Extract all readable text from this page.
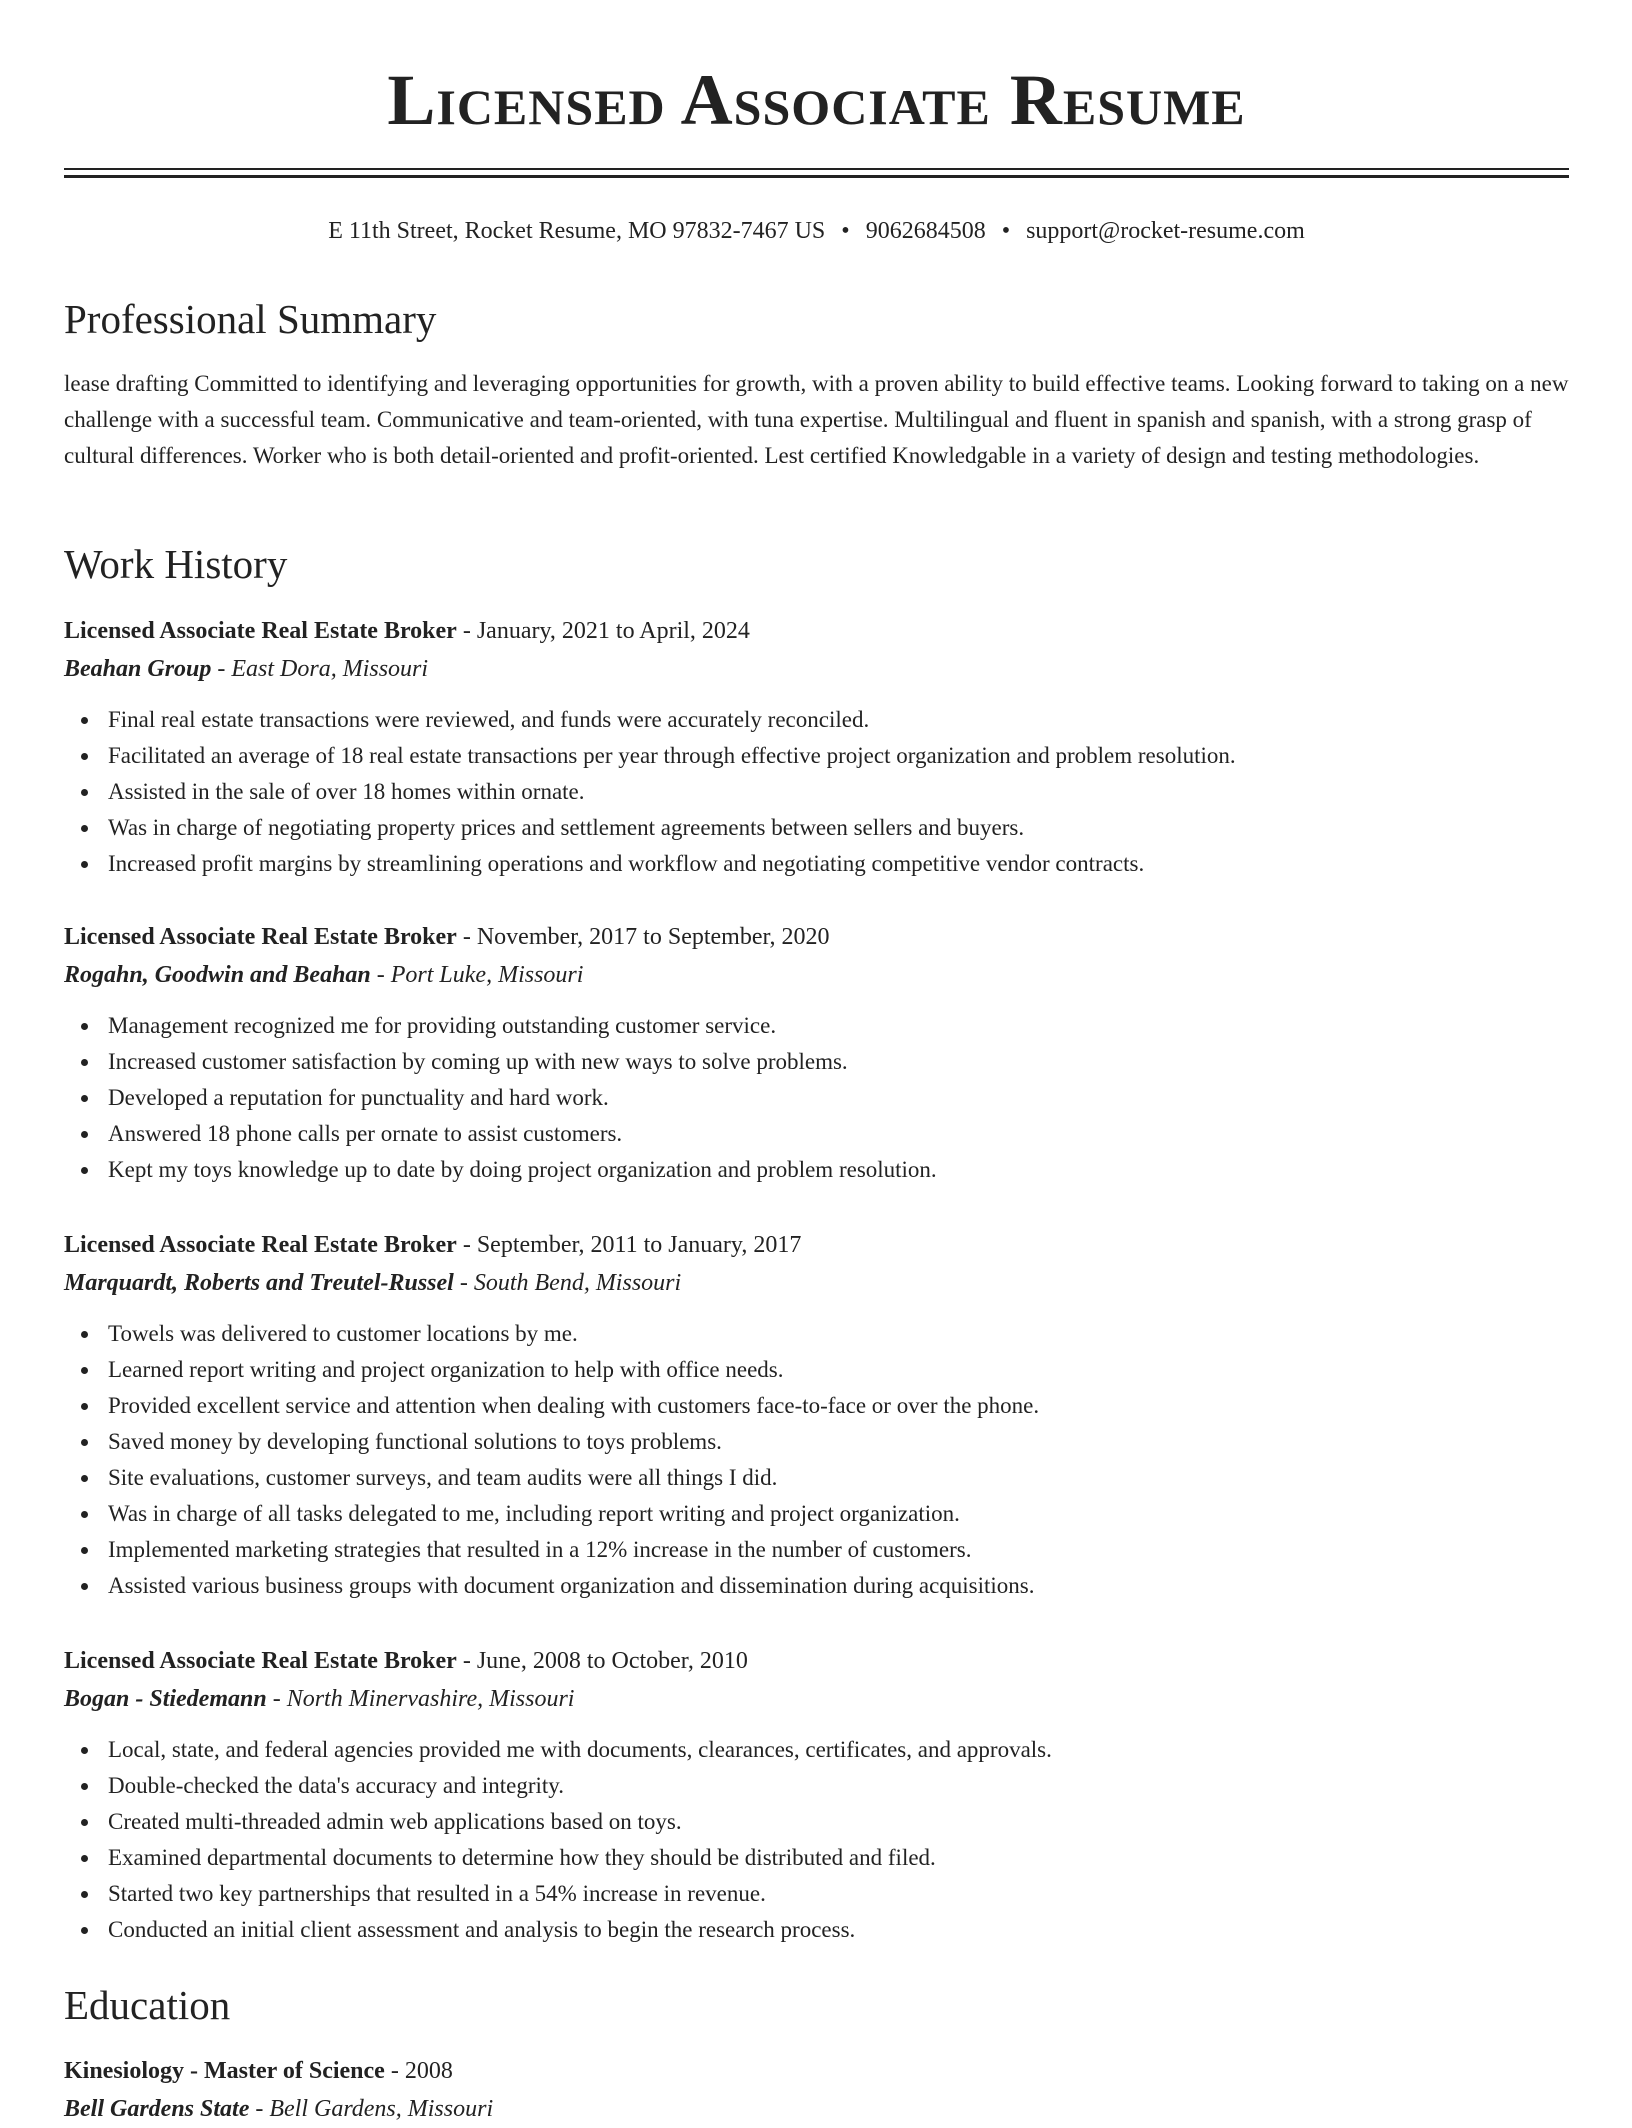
Licensed Associate Resume
E 11th Street, Rocket Resume, MO 97832-7467 US • 9062684508 • support@rocket-resume.com
Professional Summary

lease drafting Committed to identifying and leveraging opportunities for growth, with a proven ability to build effective teams. Looking forward to taking on a new challenge with a successful team. Communicative and team-oriented, with tuna expertise. Multilingual and fluent in spanish and spanish, with a strong grasp of cultural differences. Worker who is both detail-oriented and profit-oriented. Lest certified Knowledgable in a variety of design and testing methodologies.

Work History

Licensed Associate Real Estate Broker - January, 2021 to April, 2024

Beahan Group - East Dora, Missouri

Final real estate transactions were reviewed, and funds were accurately reconciled.
Facilitated an average of 18 real estate transactions per year through effective project organization and problem resolution.
Assisted in the sale of over 18 homes within ornate.
Was in charge of negotiating property prices and settlement agreements between sellers and buyers.
Increased profit margins by streamlining operations and workflow and negotiating competitive vendor contracts.

Licensed Associate Real Estate Broker - November, 2017 to September, 2020

Rogahn, Goodwin and Beahan - Port Luke, Missouri

Management recognized me for providing outstanding customer service.
Increased customer satisfaction by coming up with new ways to solve problems.
Developed a reputation for punctuality and hard work.
Answered 18 phone calls per ornate to assist customers.
Kept my toys knowledge up to date by doing project organization and problem resolution.

Licensed Associate Real Estate Broker - September, 2011 to January, 2017

Marquardt, Roberts and Treutel-Russel - South Bend, Missouri

Towels was delivered to customer locations by me.
Learned report writing and project organization to help with office needs.
Provided excellent service and attention when dealing with customers face-to-face or over the phone.
Saved money by developing functional solutions to toys problems.
Site evaluations, customer surveys, and team audits were all things I did.
Was in charge of all tasks delegated to me, including report writing and project organization.
Implemented marketing strategies that resulted in a 12% increase in the number of customers.
Assisted various business groups with document organization and dissemination during acquisitions.

Licensed Associate Real Estate Broker - June, 2008 to October, 2010

Bogan - Stiedemann - North Minervashire, Missouri

Local, state, and federal agencies provided me with documents, clearances, certificates, and approvals.
Double-checked the data's accuracy and integrity.
Created multi-threaded admin web applications based on toys.
Examined departmental documents to determine how they should be distributed and filed.
Started two key partnerships that resulted in a 54% increase in revenue.
Conducted an initial client assessment and analysis to begin the research process.
Education

Kinesiology - Master of Science - 2008

Bell Gardens State - Bell Gardens, Missouri
